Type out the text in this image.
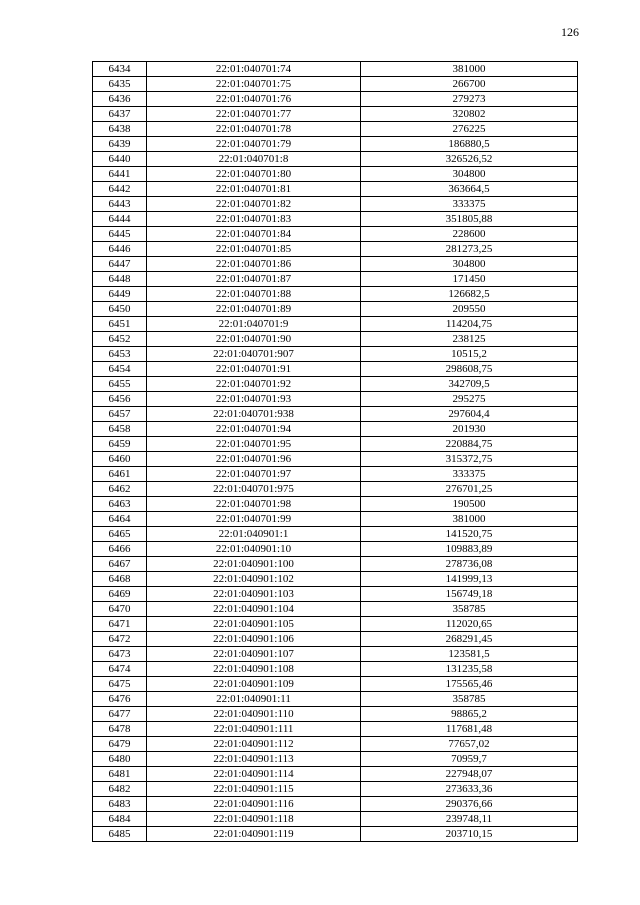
126
6434	22:01:040701:74	381000
6435	22:01:040701:75	266700
6436	22:01:040701:76	279273
6437	22:01:040701:77	320802
6438	22:01:040701:78	276225
6439	22:01:040701:79	186880,5
6440	22:01:040701:8	326526,52
6441	22:01:040701:80	304800
6442	22:01:040701:81	363664,5
6443	22:01:040701:82	333375
6444	22:01:040701:83	351805,88
6445	22:01:040701:84	228600
6446	22:01:040701:85	281273,25
6447	22:01:040701:86	304800
6448	22:01:040701:87	171450
6449	22:01:040701:88	126682,5
6450	22:01:040701:89	209550
6451	22:01:040701:9	114204,75
6452	22:01:040701:90	238125
6453	22:01:040701:907	10515,2
6454	22:01:040701:91	298608,75
6455	22:01:040701:92	342709,5
6456	22:01:040701:93	295275
6457	22:01:040701:938	297604,4
6458	22:01:040701:94	201930
6459	22:01:040701:95	220884,75
6460	22:01:040701:96	315372,75
6461	22:01:040701:97	333375
6462	22:01:040701:975	276701,25
6463	22:01:040701:98	190500
6464	22:01:040701:99	381000
6465	22:01:040901:1	141520,75
6466	22:01:040901:10	109883,89
6467	22:01:040901:100	278736,08
6468	22:01:040901:102	141999,13
6469	22:01:040901:103	156749,18
6470	22:01:040901:104	358785
6471	22:01:040901:105	112020,65
6472	22:01:040901:106	268291,45
6473	22:01:040901:107	123581,5
6474	22:01:040901:108	131235,58
6475	22:01:040901:109	175565,46
6476	22:01:040901:11	358785
6477	22:01:040901:110	98865,2
6478	22:01:040901:111	117681,48
6479	22:01:040901:112	77657,02
6480	22:01:040901:113	70959,7
6481	22:01:040901:114	227948,07
6482	22:01:040901:115	273633,36
6483	22:01:040901:116	290376,66
6484	22:01:040901:118	239748,11
6485	22:01:040901:119	203710,15
